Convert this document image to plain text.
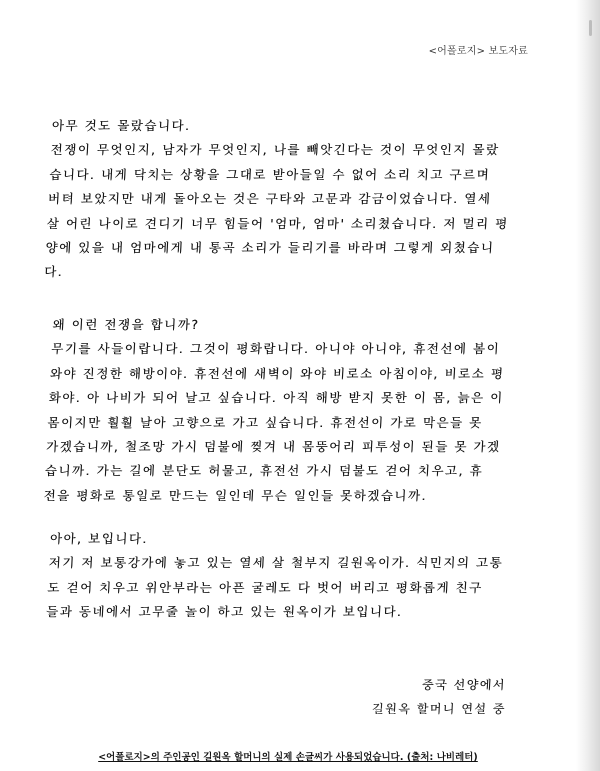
<어폴로지> 보도자료
아무 것도 몰랐습니다.
전쟁이 무엇인지, 남자가 무엇인지, 나를 빼앗긴다는 것이 무엇인지 몰랐
습니다. 내게 닥치는 상황을 그대로 받아들일 수 없어 소리 치고 구르며
버텨 보았지만 내게 돌아오는 것은 구타와 고문과 감금이었습니다. 열세
살 어린 나이로 견디기 너무 힘들어 '엄마, 엄마' 소리쳤습니다. 저 멀리 평
양에 있을 내 엄마에게 내 통곡 소리가 들리기를 바라며 그렇게 외쳤습니
다.
왜 이런 전쟁을 합니까?
무기를 사들이랍니다. 그것이 평화랍니다. 아니야 아니야, 휴전선에 봄이
와야 진정한 해방이야. 휴전선에 새벽이 와야 비로소 아침이야, 비로소 평
화야. 아 나비가 되어 날고 싶습니다. 아직 해방 받지 못한 이 몸, 늙은 이
몸이지만 훨훨 날아 고향으로 가고 싶습니다. 휴전선이 가로 막은들 못
가겠습니까, 철조망 가시 덤불에 찢겨 내 몸뚱어리 피투성이 된들 못 가겠
습니까. 가는 길에 분단도 허물고, 휴전선 가시 덤불도 걷어 치우고, 휴
전을 평화로 통일로 만드는 일인데 무슨 일인들 못하겠습니까.
아아, 보입니다.
저기 저 보통강가에 놓고 있는 열세 살 철부지 길원옥이가. 식민지의 고통
도 걷어 치우고 위안부라는 아픈 굴레도 다 벗어 버리고 평화롭게 친구
들과 동네에서 고무줄 놀이 하고 있는 원옥이가 보입니다.
중국 선양에서
길원옥 할머니 연설 중
<어폴로지>의 주인공인 길원옥 할머니의 실제 손글씨가 사용되었습니다. (출처: 나비레터)
